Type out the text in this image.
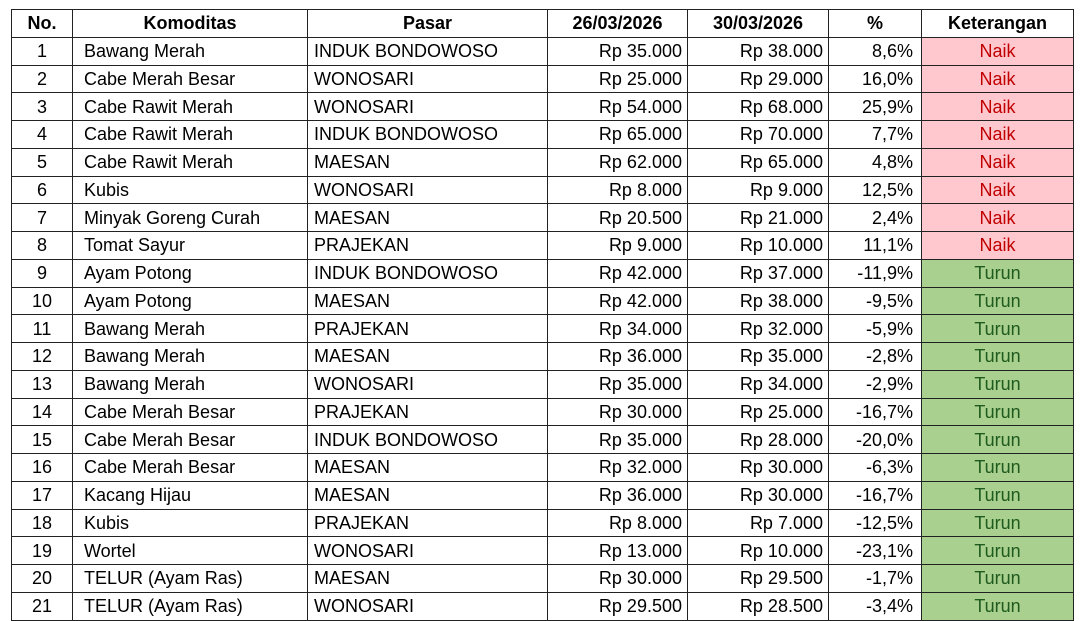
No.	Komoditas	Pasar	26/03/2026	30/03/2026	%	Keterangan
1	Bawang Merah	INDUK BONDOWOSO	Rp 35.000	Rp 38.000	8,6%	Naik
2	Cabe Merah Besar	WONOSARI	Rp 25.000	Rp 29.000	16,0%	Naik
3	Cabe Rawit Merah	WONOSARI	Rp 54.000	Rp 68.000	25,9%	Naik
4	Cabe Rawit Merah	INDUK BONDOWOSO	Rp 65.000	Rp 70.000	7,7%	Naik
5	Cabe Rawit Merah	MAESAN	Rp 62.000	Rp 65.000	4,8%	Naik
6	Kubis	WONOSARI	Rp 8.000	Rp 9.000	12,5%	Naik
7	Minyak Goreng Curah	MAESAN	Rp 20.500	Rp 21.000	2,4%	Naik
8	Tomat Sayur	PRAJEKAN	Rp 9.000	Rp 10.000	11,1%	Naik
9	Ayam Potong	INDUK BONDOWOSO	Rp 42.000	Rp 37.000	-11,9%	Turun
10	Ayam Potong	MAESAN	Rp 42.000	Rp 38.000	-9,5%	Turun
11	Bawang Merah	PRAJEKAN	Rp 34.000	Rp 32.000	-5,9%	Turun
12	Bawang Merah	MAESAN	Rp 36.000	Rp 35.000	-2,8%	Turun
13	Bawang Merah	WONOSARI	Rp 35.000	Rp 34.000	-2,9%	Turun
14	Cabe Merah Besar	PRAJEKAN	Rp 30.000	Rp 25.000	-16,7%	Turun
15	Cabe Merah Besar	INDUK BONDOWOSO	Rp 35.000	Rp 28.000	-20,0%	Turun
16	Cabe Merah Besar	MAESAN	Rp 32.000	Rp 30.000	-6,3%	Turun
17	Kacang Hijau	MAESAN	Rp 36.000	Rp 30.000	-16,7%	Turun
18	Kubis	PRAJEKAN	Rp 8.000	Rp 7.000	-12,5%	Turun
19	Wortel	WONOSARI	Rp 13.000	Rp 10.000	-23,1%	Turun
20	TELUR (Ayam Ras)	MAESAN	Rp 30.000	Rp 29.500	-1,7%	Turun
21	TELUR (Ayam Ras)	WONOSARI	Rp 29.500	Rp 28.500	-3,4%	Turun
